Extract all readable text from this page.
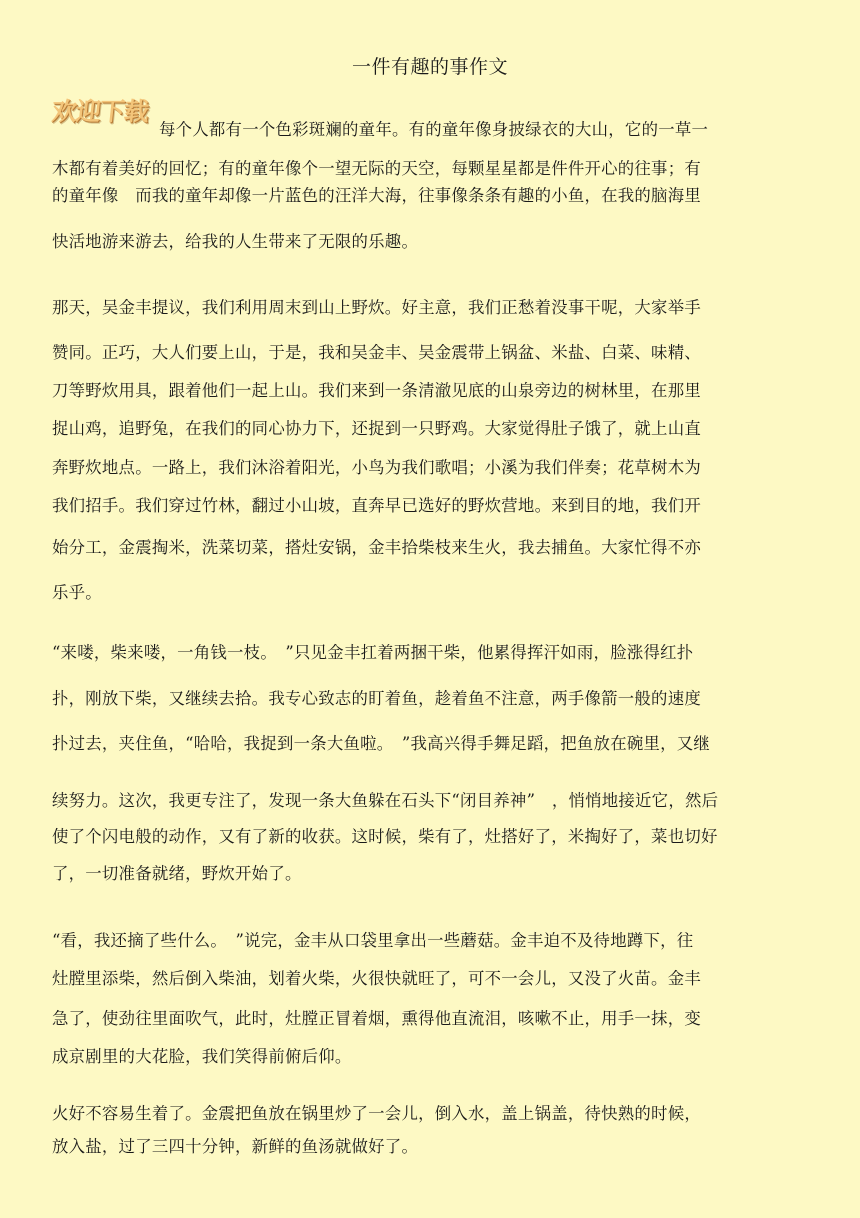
一件有趣的事作文
欢迎下载
每个人都有一个色彩斑斓的童年。有的童年像身披绿衣的大山，它的一草一
木都有着美好的回忆；有的童年像个一望无际的天空，每颗星星都是件件开心的往事；有
的童年像　而我的童年却像一片蓝色的汪洋大海，往事像条条有趣的小鱼，在我的脑海里
快活地游来游去，给我的人生带来了无限的乐趣。
那天，吴金丰提议，我们利用周末到山上野炊。好主意，我们正愁着没事干呢，大家举手
赞同。正巧，大人们要上山，于是，我和吴金丰、吴金震带上锅盆、米盐、白菜、味精、
刀等野炊用具，跟着他们一起上山。我们来到一条清澈见底的山泉旁边的树林里，在那里
捉山鸡，追野兔，在我们的同心协力下，还捉到一只野鸡。大家觉得肚子饿了，就上山直
奔野炊地点。一路上，我们沐浴着阳光，小鸟为我们歌唱；小溪为我们伴奏；花草树木为
我们招手。我们穿过竹林，翻过小山坡，直奔早已选好的野炊营地。来到目的地，我们开
始分工，金震掏米，洗菜切菜，搭灶安锅，金丰拾柴枝来生火，我去捕鱼。大家忙得不亦
乐乎。
“来喽，柴来喽，一角钱一枝。　”只见金丰扛着两捆干柴，他累得挥汗如雨，脸涨得红扑
扑，刚放下柴，又继续去拾。我专心致志的盯着鱼，趁着鱼不注意，两手像箭一般的速度
扑过去，夹住鱼，“哈哈，我捉到一条大鱼啦。　”我高兴得手舞足蹈，把鱼放在碗里，又继
续努力。这次，我更专注了，发现一条大鱼躲在石头下“闭目养神”　，悄悄地接近它，然后
使了个闪电般的动作，又有了新的收获。这时候，柴有了，灶搭好了，米掏好了，菜也切好
了，一切准备就绪，野炊开始了。
“看，我还摘了些什么。　”说完，金丰从口袋里拿出一些蘑菇。金丰迫不及待地蹲下，往
灶膛里添柴，然后倒入柴油，划着火柴，火很快就旺了，可不一会儿，又没了火苗。金丰
急了，使劲往里面吹气，此时，灶膛正冒着烟，熏得他直流泪，咳嗽不止，用手一抹，变
成京剧里的大花脸，我们笑得前俯后仰。
火好不容易生着了。金震把鱼放在锅里炒了一会儿，倒入水，盖上锅盖，待快熟的时候，
放入盐，过了三四十分钟，新鲜的鱼汤就做好了。
